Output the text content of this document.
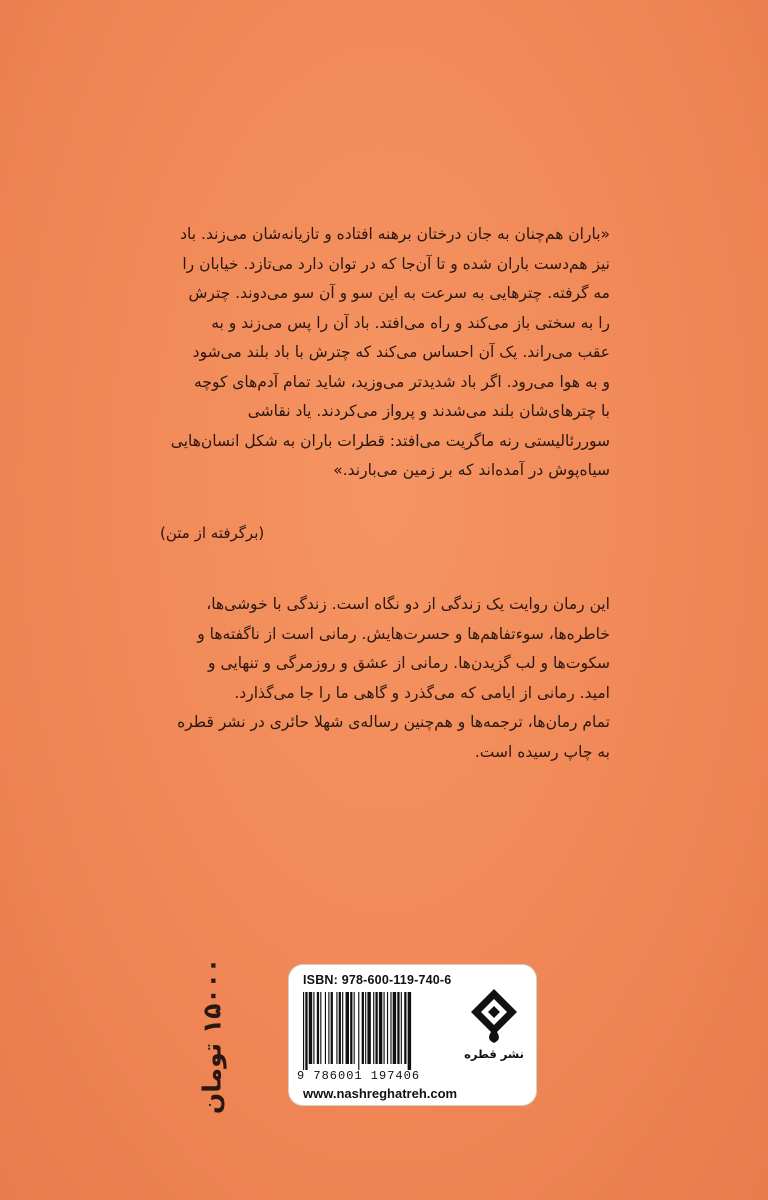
«باران هم‌چنان به جان درختان برهنه افتاده و تازیانه‌شان می‌زند. باد

نیز هم‌دست باران شده و تا آن‌جا که در توان دارد می‌تازد. خیابان را

مه گرفته. چترهایی به سرعت به این سو و آن سو می‌دوند. چترش

را به سختی باز می‌کند و راه می‌افتد. باد آن را پس می‌زند و به

عقب می‌راند. یک آن احساس می‌کند که چترش با باد بلند می‌شود

و به هوا می‌رود. اگر باد شدیدتر می‌وزید، شاید تمام آدم‌های کوچه

با چترهای‌شان بلند می‌شدند و پرواز می‌کردند. یاد نقاشی

سوررئالیستی رنه ماگریت می‌افتد: قطرات باران به شکل انسان‌هایی

سیاه‌پوش در آمده‌اند که بر زمین می‌بارند.»

(برگرفته از متن)

این رمان روایت یک زندگی از دو نگاه است. زندگی با خوشی‌ها،

خاطره‌ها، سوء‌تفاهم‌ها و حسرت‌هایش. رمانی است از ناگفته‌ها و

سکوت‌ها و لب گزیدن‌ها. رمانی از عشق و روزمرگی و تنهایی و

امید. رمانی از ایامی که می‌گذرد و گاهی ما را جا می‌گذارد.

تمام رمان‌ها، ترجمه‌ها و هم‌چنین رساله‌ی شهلا حائری در نشر قطره

به چاپ رسیده است.

ISBN: 978-600-119-740-6
9 786001 197406
www.nashreghatreh.com
نشر قطره
۱۵۰۰۰ تومان
